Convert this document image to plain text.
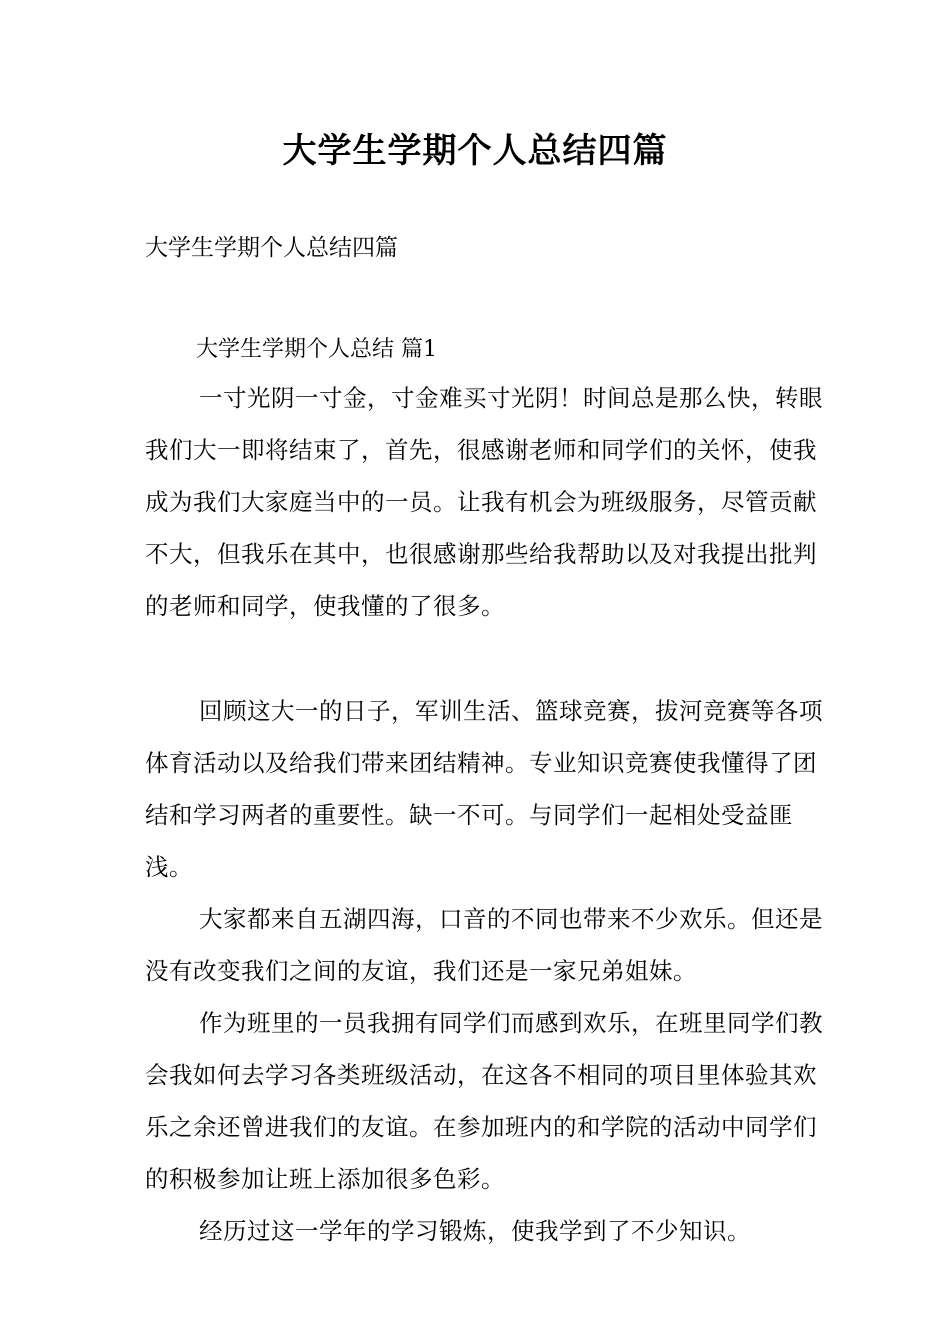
大学生学期个人总结四篇
大学生学期个人总结四篇
大学生学期个人总结 篇1

一寸光阴一寸金，寸金难买寸光阴！时间总是那么快，转眼我们大一即将结束了，首先，很感谢老师和同学们的关怀，使我成为我们大家庭当中的一员。让我有机会为班级服务，尽管贡献不大，但我乐在其中，也很感谢那些给我帮助以及对我提出批判的老师和同学，使我懂的了很多。

回顾这大一的日子，军训生活、篮球竞赛，拔河竞赛等各项体育活动以及给我们带来团结精神。专业知识竞赛使我懂得了团结和学习两者的重要性。缺一不可。与同学们一起相处受益匪浅。

大家都来自五湖四海，口音的不同也带来不少欢乐。但还是没有改变我们之间的友谊，我们还是一家兄弟姐妹。

作为班里的一员我拥有同学们而感到欢乐，在班里同学们教会我如何去学习各类班级活动，在这各不相同的项目里体验其欢乐之余还曾进我们的友谊。在参加班内的和学院的活动中同学们的积极参加让班上添加很多色彩。

经历过这一学年的学习锻炼，使我学到了不少知识。
